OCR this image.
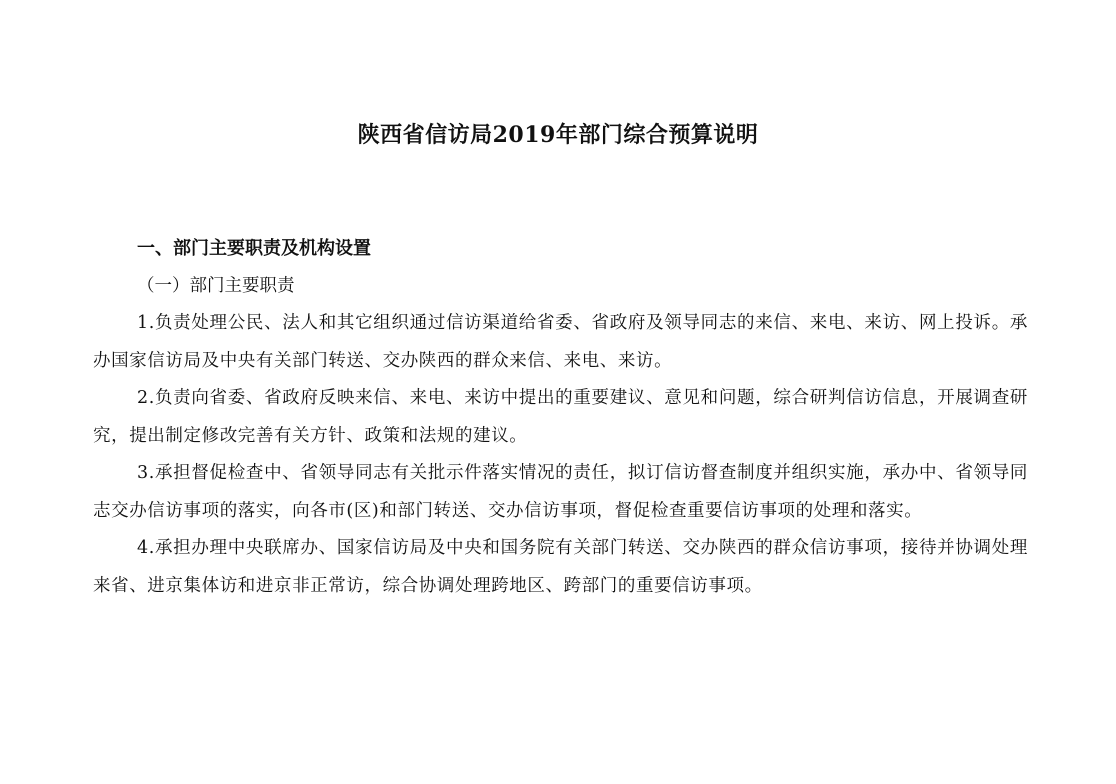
陕西省信访局2019年部门综合预算说明

一、部门主要职责及机构设置

（一）部门主要职责

1.负责处理公民、法人和其它组织通过信访渠道给省委、省政府及领导同志的来信、来电、来访、网上投诉。承办国家信访局及中央有关部门转送、交办陕西的群众来信、来电、来访。

2.负责向省委、省政府反映来信、来电、来访中提出的重要建议、意见和问题，综合研判信访信息，开展调查研究，提出制定修改完善有关方针、政策和法规的建议。

3.承担督促检查中、省领导同志有关批示件落实情况的责任，拟订信访督查制度并组织实施，承办中、省领导同志交办信访事项的落实，向各市(区)和部门转送、交办信访事项，督促检查重要信访事项的处理和落实。

4.承担办理中央联席办、国家信访局及中央和国务院有关部门转送、交办陕西的群众信访事项，接待并协调处理来省、进京集体访和进京非正常访，综合协调处理跨地区、跨部门的重要信访事项。
